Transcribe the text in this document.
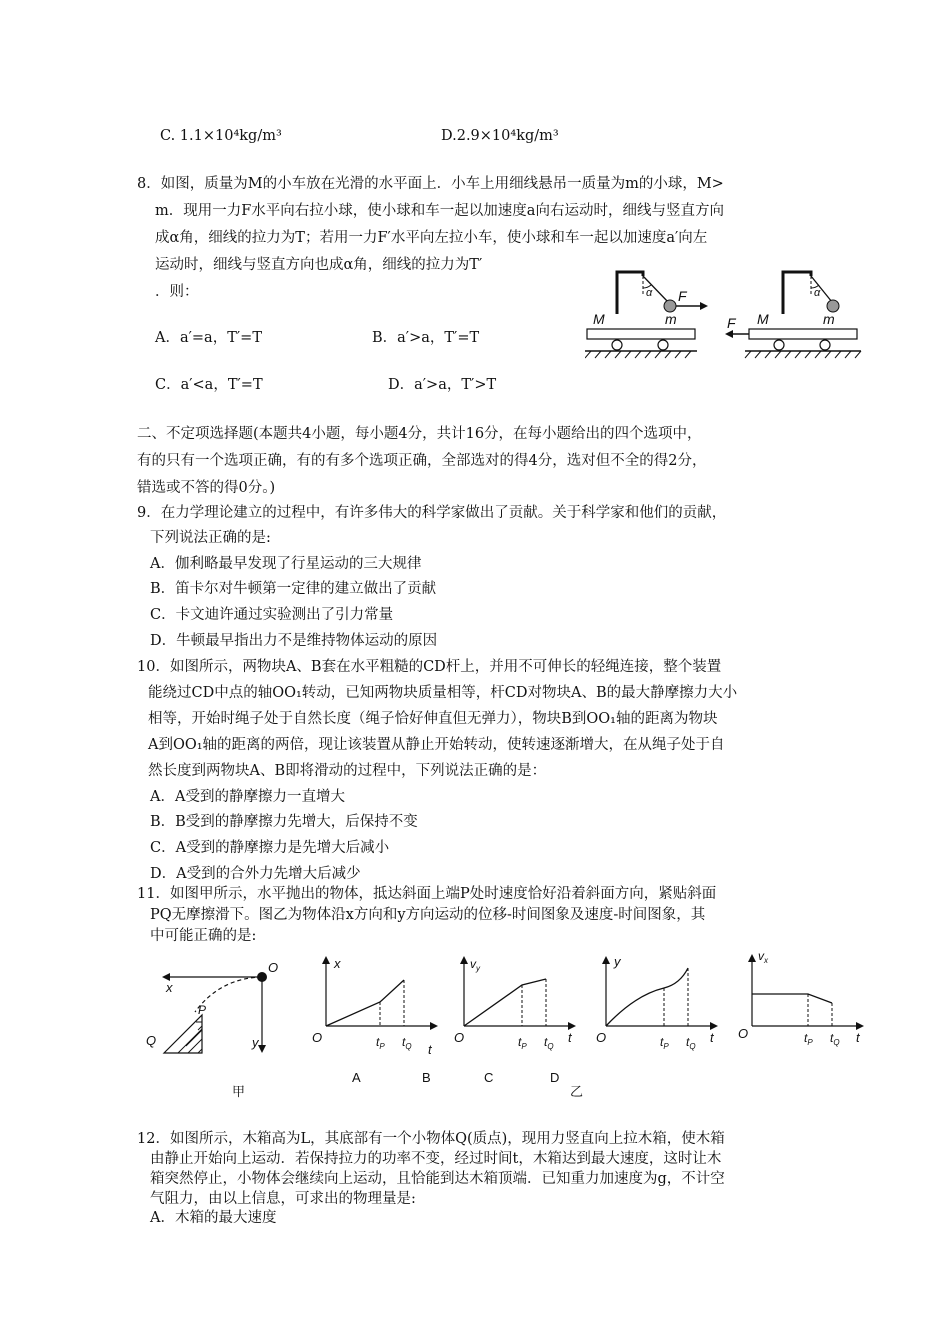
C. 1.1×10⁴kg/m³	D.2.9×10⁴kg/m³
8．如图，质量为M的小车放在光滑的水平面上．小车上用细线悬吊一质量为m的小球，M>
m．现用一力F水平向右拉小球，使小球和车一起以加速度a向右运动时，细线与竖直方向
成α角，细线的拉力为T；若用一力F′水平向左拉小车，使小球和车一起以加速度a′向左
运动时，细线与竖直方向也成α角，细线的拉力为T′
．则：
A．a′=a，T′=T	B．a′>a，T′=T
C．a′<a，T′=T	D．a′>a，T′>T
α F
m
M
α
m
M
F
二、不定项选择题(本题共4小题，每小题4分，共计16分，在每小题给出的四个选项中，
有的只有一个选项正确，有的有多个选项正确，全部选对的得4分，选对但不全的得2分，
错选或不答的得0分。)
9．在力学理论建立的过程中，有许多伟大的科学家做出了贡献。关于科学家和他们的贡献，
下列说法正确的是:
A．伽利略最早发现了行星运动的三大规律
B．笛卡尔对牛顿第一定律的建立做出了贡献
C．卡文迪许通过实验测出了引力常量
D．牛顿最早指出力不是维持物体运动的原因
10．如图所示，两物块A、B套在水平粗糙的CD杆上，并用不可伸长的轻绳连接，整个装置
能绕过CD中点的轴OO₁转动，已知两物块质量相等，杆CD对物块A、B的最大静摩擦力大小
相等，开始时绳子处于自然长度（绳子恰好伸直但无弹力），物块B到OO₁轴的距离为物块
A到OO₁轴的距离的两倍，现让该装置从静止开始转动，使转速逐渐增大，在从绳子处于自
然长度到两物块A、B即将滑动的过程中，下列说法正确的是：
A．A受到的静摩擦力一直增大
B．B受到的静摩擦力先增大，后保持不变
C．A受到的静摩擦力是先增大后减小
D．A受到的合外力先增大后减少
11．如图甲所示，水平抛出的物体，抵达斜面上端P处时速度恰好沿着斜面方向，紧贴斜面
PQ无摩擦滑下。图乙为物体沿x方向和y方向运动的位移-时间图象及速度-时间图象，其
中可能正确的是:
x
y
O
P
Q
甲
x
O	$t_P$ $t_Q$ t
A
$v_y$
O	$t_P$ $t_Q$
t
B
y
O	$t_P$ $t_Q$
t
C
$v_x$
O	$t_P$ $t_Q$ t
D
乙
12．如图所示，木箱高为L，其底部有一个小物体Q(质点)，现用力竖直向上拉木箱，使木箱
由静止开始向上运动．若保持拉力的功率不变，经过时间t，木箱达到最大速度，这时让木
箱突然停止，小物体会继续向上运动，且恰能到达木箱顶端．已知重力加速度为g，不计空
气阻力，由以上信息，可求出的物理量是:
A．木箱的最大速度
